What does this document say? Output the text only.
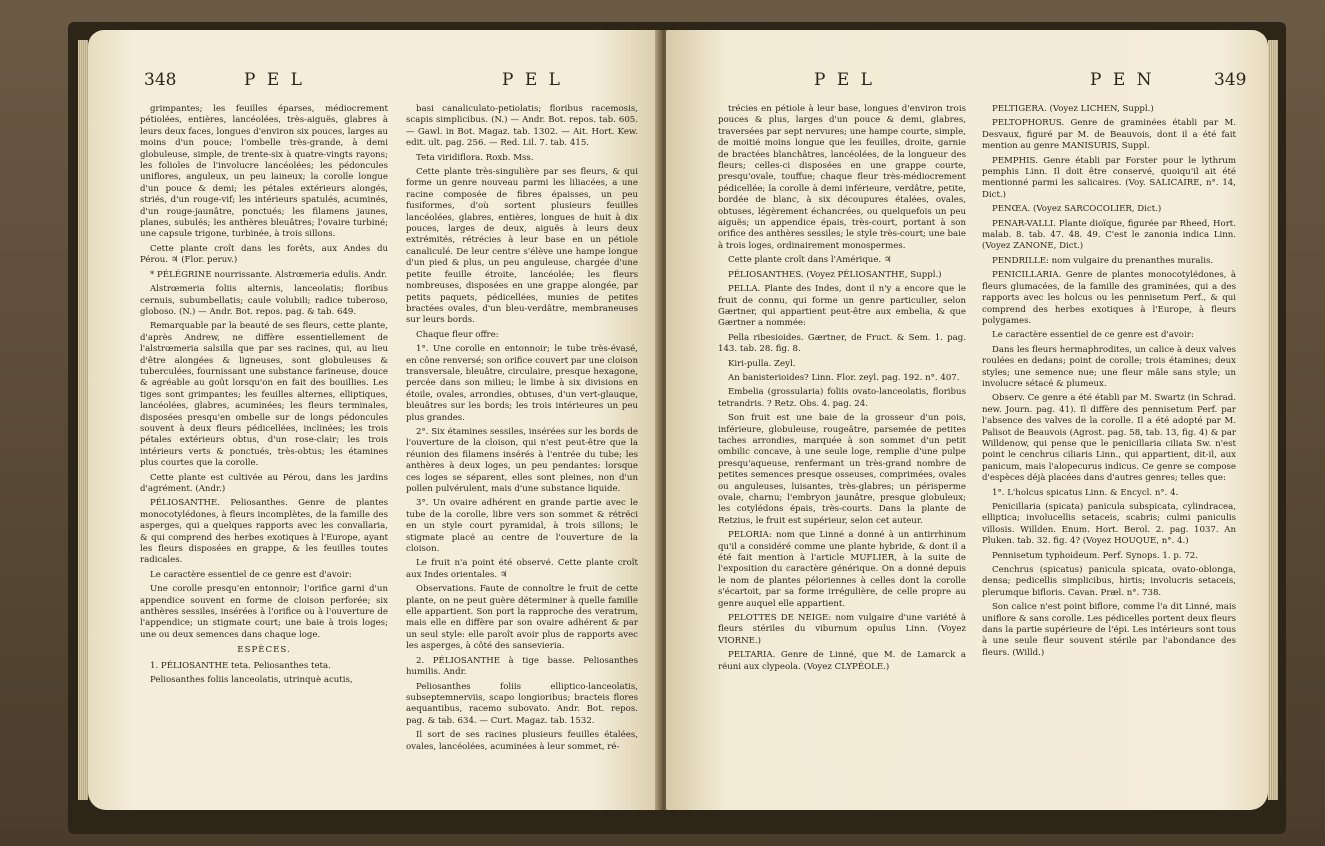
348	P E L	P E L

grimpantes; les feuilles éparses, médiocrement pétiolées, entières, lancéolées, très-aiguës, glabres à leurs deux faces, longues d'environ six pouces, larges au moins d'un pouce; l'ombelle très-grande, à demi globuleuse, simple, de trente-six à quatre-vingts rayons; les folioles de l'involucre lancéolées; les pédoncules uniflores, anguleux, un peu laineux; la corolle longue d'un pouce & demi; les pétales extérieurs alongés, striés, d'un rouge-vif; les intérieurs spatulés, acuminés, d'un rouge-jaunâtre, ponctués; les filamens jaunes, planes, subulés; les anthères bleuâtres; l'ovaire turbiné; une capsule trigone, turbinée, à trois sillons.

Cette plante croît dans les forêts, aux Andes du Pérou. ♃ (Flor. peruv.)

* PÉLÉGRINE nourrissante. Alstrœmeria edulis. Andr.

Alstrœmeria foliis alternis, lanceolatis; floribus cernuis, subumbellatis; caule volubili; radice tuberoso, globoso. (N.) — Andr. Bot. repos. pag. & tab. 649.

Remarquable par la beauté de ses fleurs, cette plante, d'après Andrew, ne diffère essentiellement de l'alstrœmeria salsilla que par ses racines, qui, au lieu d'être alongées & ligneuses, sont globuleuses & tuberculées, fournissant une substance farineuse, douce & agréable au goût lorsqu'on en fait des bouillies. Les tiges sont grimpantes; les feuilles alternes, elliptiques, lancéolées, glabres, acuminées; les fleurs terminales, disposées presqu'en ombelle sur de longs pédoncules souvent à deux fleurs pédicellées, inclinées; les trois pétales extérieurs obtus, d'un rose-clair; les trois intérieurs verts & ponctués, très-obtus; les étamines plus courtes que la corolle.

Cette plante est cultivée au Pérou, dans les jardins d'agrément. (Andr.)

PÉLIOSANTHE. Peliosanthes. Genre de plantes monocotylédones, à fleurs incomplètes, de la famille des asperges, qui a quelques rapports avec les convallaria, & qui comprend des herbes exotiques à l'Europe, ayant les fleurs disposées en grappe, & les feuilles toutes radicales.

Le caractère essentiel de ce genre est d'avoir:

Une corolle presqu'en entonnoir; l'orifice garni d'un appendice souvent en forme de cloison perforée; six anthères sessiles, insérées à l'orifice ou à l'ouverture de l'appendice; un stigmate court; une baie à trois loges; une ou deux semences dans chaque loge.

ESPÈCES.

1. PÉLIOSANTHE teta. Peliosanthes teta.

Peliosanthes foliis lanceolatis, utrinquè acutis,

basi canaliculato-petiolatis; floribus racemosis, scapis simplicibus. (N.) — Andr. Bot. repos. tab. 605. — Gawl. in Bot. Magaz. tab. 1302. — Ait. Hort. Kew. edit. ult. pag. 256. — Red. Lil. 7. tab. 415.

Teta viridiflora. Roxb. Mss.

Cette plante très-singulière par ses fleurs, & qui forme un genre nouveau parmi les liliacées, a une racine composée de fibres épaisses, un peu fusiformes, d'où sortent plusieurs feuilles lancéolées, glabres, entières, longues de huit à dix pouces, larges de deux, aiguës à leurs deux extrémités, rétrécies à leur base en un pétiole canaliculé. De leur centre s'élève une hampe longue d'un pied & plus, un peu anguleuse, chargée d'une petite feuille étroite, lancéolée; les fleurs nombreuses, disposées en une grappe alongée, par petits paquets, pédicellées, munies de petites bractées ovales, d'un bleu-verdâtre, membraneuses sur leurs bords.

Chaque fleur offre:

1°. Une corolle en entonnoir; le tube très-évasé, en cône renversé; son orifice couvert par une cloison transversale, bleuâtre, circulaire, presque hexagone, percée dans son milieu; le limbe à six divisions en étoile, ovales, arrondies, obtuses, d'un vert-glauque, bleuâtres sur les bords; les trois intérieures un peu plus grandes.

2°. Six étamines sessiles, insérées sur les bords de l'ouverture de la cloison, qui n'est peut-être que la réunion des filamens insérés à l'entrée du tube; les anthères à deux loges, un peu pendantes: lorsque ces loges se séparent, elles sont pleines, non d'un pollen pulvérulent, mais d'une substance liquide.

3°. Un ovaire adhérent en grande partie avec le tube de la corolle, libre vers son sommet & rétréci en un style court pyramidal, à trois sillons; le stigmate placé au centre de l'ouverture de la cloison.

Le fruit n'a point été observé. Cette plante croît aux Indes orientales. ♃

Observations. Faute de connoître le fruit de cette plante, on ne peut guère déterminer à quelle famille elle appartient. Son port la rapproche des veratrum, mais elle en diffère par son ovaire adhérent & par un seul style: elle paroît avoir plus de rapports avec les asperges, à côté des sansevieria.

2. PÉLIOSANTHE à tige basse. Peliosanthes humilis. Andr.

Peliosanthes foliis elliptico-lanceolatis, subseptemnerviis, scapo longioribus; bracteis flores aequantibus, racemo subovato. Andr. Bot. repos. pag. & tab. 634. — Curt. Magaz. tab. 1532.

Il sort de ses racines plusieurs feuilles étalées, ovales, lancéolées, acuminées à leur sommet, ré-

P E L	P E N	349

trécies en pétiole à leur base, longues d'environ trois pouces & plus, larges d'un pouce & demi, glabres, traversées par sept nervures; une hampe courte, simple, de moitié moins longue que les feuilles, droite, garnie de bractées blanchâtres, lancéolées, de la longueur des fleurs; celles-ci disposées en une grappe courte, presqu'ovale, touffue; chaque fleur très-médiocrement pédicellée; la corolle à demi inférieure, verdâtre, petite, bordée de blanc, à six découpures étalées, ovales, obtuses, légèrement échancrées, ou quelquefois un peu aiguës; un appendice épais, très-court, portant à son orifice des anthères sessiles; le style très-court; une baie à trois loges, ordinairement monospermes.

Cette plante croît dans l'Amérique. ♃

PÉLIOSANTHES. (Voyez PÉLIOSANTHE, Suppl.)

PELLA. Plante des Indes, dont il n'y a encore que le fruit de connu, qui forme un genre particulier, selon Gærtner, qui appartient peut-être aux embelia, & que Gærtner a nommée:

Pella ribesioides. Gærtner, de Fruct. & Sem. 1. pag. 143. tab. 28. fig. 8.

Kiri-pulla. Zeyl.

An banisterioides? Linn. Flor. zeyl. pag. 192. n°. 407.

Embelia (grossularia) foliis ovato-lanceolatis, floribus tetrandris. ? Retz. Obs. 4. pag. 24.

Son fruit est une baie de la grosseur d'un pois, inférieure, globuleuse, rougeâtre, parsemée de petites taches arrondies, marquée à son sommet d'un petit ombilic concave, à une seule loge, remplie d'une pulpe presqu'aqueuse, renfermant un très-grand nombre de petites semences presque osseuses, comprimées, ovales ou anguleuses, luisantes, très-glabres; un périsperme ovale, charnu; l'embryon jaunâtre, presque globuleux; les cotylédons épais, très-courts. Dans la plante de Retzius, le fruit est supérieur, selon cet auteur.

PELORIA: nom que Linné a donné à un antirrhinum qu'il a considéré comme une plante hybride, & dont il a été fait mention à l'article MUFLIER, à la suite de l'exposition du caractère générique. On a donné depuis le nom de plantes péloriennes à celles dont la corolle s'écartoit, par sa forme irrégulière, de celle propre au genre auquel elle appartient.

PELOTTES DE NEIGE: nom vulgaire d'une variété à fleurs stériles du viburnum opulus Linn. (Voyez VIORNE.)

PELTARIA. Genre de Linné, que M. de Lamarck a réuni aux clypeola. (Voyez CLYPÉOLE.)

PELTIGERA. (Voyez LICHEN, Suppl.)

PELTOPHORUS. Genre de graminées établi par M. Desvaux, figuré par M. de Beauvois, dont il a été fait mention au genre MANISURIS, Suppl.

PEMPHIS. Genre établi par Forster pour le lythrum pemphis Linn. Il doit être conservé, quoiqu'il ait été mentionné parmi les salicaires. (Voy. SALICAIRE, n°. 14, Dict.)

PENŒA. (Voyez SARCOCOLIER, Dict.)

PENAR-VALLI. Plante dioïque, figurée par Rheed, Hort. malab. 8. tab. 47. 48. 49. C'est le zanonia indica Linn. (Voyez ZANONE, Dict.)

PENDRILLE: nom vulgaire du prenanthes muralis.

PENICILLARIA. Genre de plantes monocotylédones, à fleurs glumacées, de la famille des graminées, qui a des rapports avec les holcus ou les pennisetum Perf., & qui comprend des herbes exotiques à l'Europe, à fleurs polygames.

Le caractère essentiel de ce genre est d'avoir:

Dans les fleurs hermaphrodites, un calice à deux valves roulées en dedans; point de corolle; trois étamines; deux styles; une semence nue; une fleur mâle sans style; un involucre sétacé & plumeux.

Observ. Ce genre a été établi par M. Swartz (in Schrad. new. Journ. pag. 41). Il diffère des pennisetum Perf. par l'absence des valves de la corolle. Il a été adopté par M. Palisot de Beauvois (Agrost. pag. 58, tab. 13, fig. 4) & par Willdenow, qui pense que le penicillaria ciliata Sw. n'est point le cenchrus ciliaris Linn., qui appartient, dit-il, aux panicum, mais l'alopecurus indicus. Ce genre se compose d'espèces déjà placées dans d'autres genres; telles que:

1°. L'holcus spicatus Linn. & Encycl. n°. 4.

Penicillaria (spicata) panicula subspicata, cylindracea, elliptica; involucellis setaceis, scabris; culmi paniculis villosis. Willden. Enum. Hort. Berol. 2. pag. 1037. An Pluken. tab. 32. fig. 4? (Voyez HOUQUE, n°. 4.)

Pennisetum typhoideum. Perf. Synops. 1. p. 72.

Cenchrus (spicatus) panicula spicata, ovato-oblonga, densa; pedicellis simplicibus, hirtis; involucris setaceis, plerumque bifloris. Cavan. Præl. n°. 738.

Son calice n'est point biflore, comme l'a dit Linné, mais uniflore & sans corolle. Les pédicelles portent deux fleurs dans la partie supérieure de l'épi. Les intérieurs sont tous à une seule fleur souvent stérile par l'abondance des fleurs. (Willd.)
